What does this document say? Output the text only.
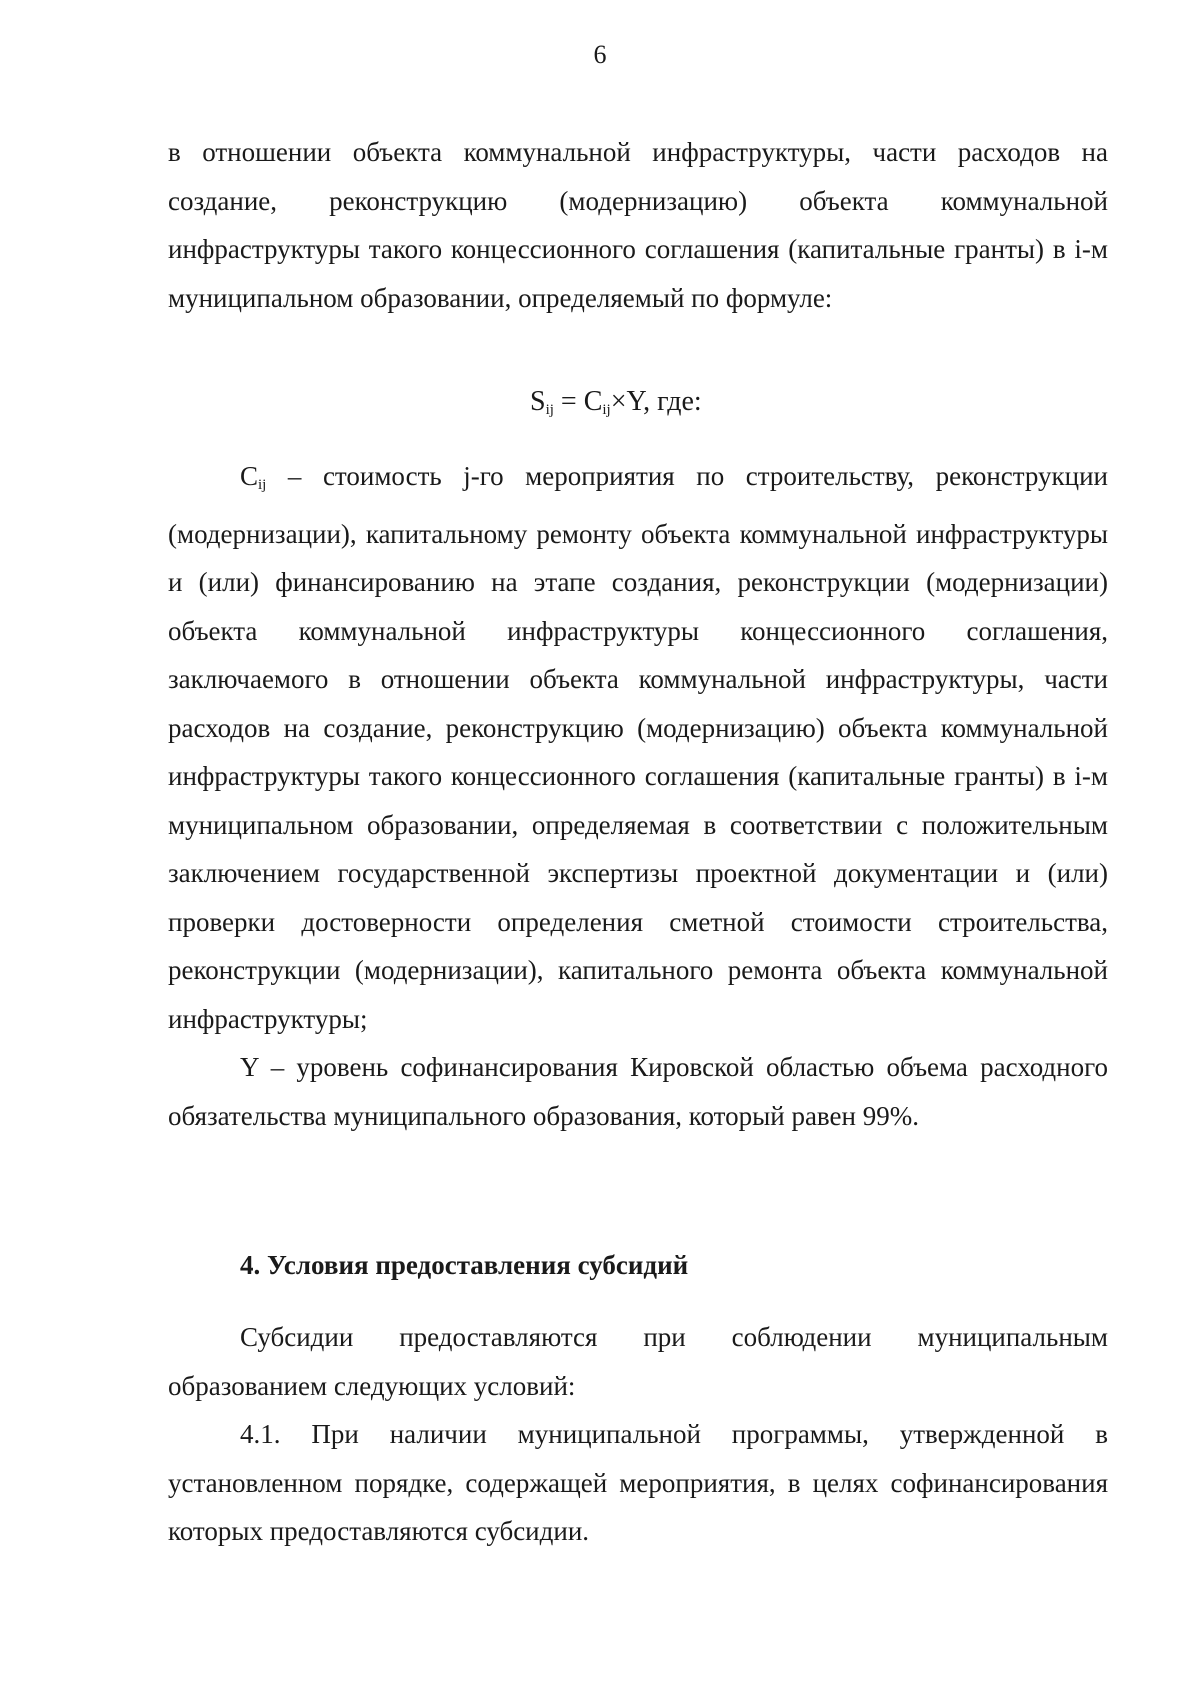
6

в отношении объекта коммунальной инфраструктуры, части расходов на создание, реконструкцию (модернизацию) объекта коммунальной инфраструктуры такого концессионного соглашения (капитальные гранты) в i-м муниципальном образовании, определяемый по формуле:

$S_{ij} = C_{ij}\times Y$, где:

$C_{ij}$ – стоимость j-го мероприятия по строительству, реконструкции (модернизации), капитальному ремонту объекта коммунальной инфраструктуры и (или) финансированию на этапе создания, реконструкции (модернизации) объекта коммунальной инфраструктуры концессионного соглашения, заключаемого в отношении объекта коммунальной инфраструктуры, части расходов на создание, реконструкцию (модернизацию) объекта коммунальной инфраструктуры такого концессионного соглашения (капитальные гранты) в i-м муниципальном образовании, определяемая в соответствии с положительным заключением государственной экспертизы проектной документации и (или) проверки достоверности определения сметной стоимости строительства, реконструкции (модернизации), капитального ремонта объекта коммунальной инфраструктуры;

Y – уровень софинансирования Кировской областью объема расходного обязательства муниципального образования, который равен 99%.

4. Условия предоставления субсидий

Субсидии предоставляются при соблюдении муниципальным образованием следующих условий:

4.1. При наличии муниципальной программы, утвержденной в установленном порядке, содержащей мероприятия, в целях софинансирования которых предоставляются субсидии.
